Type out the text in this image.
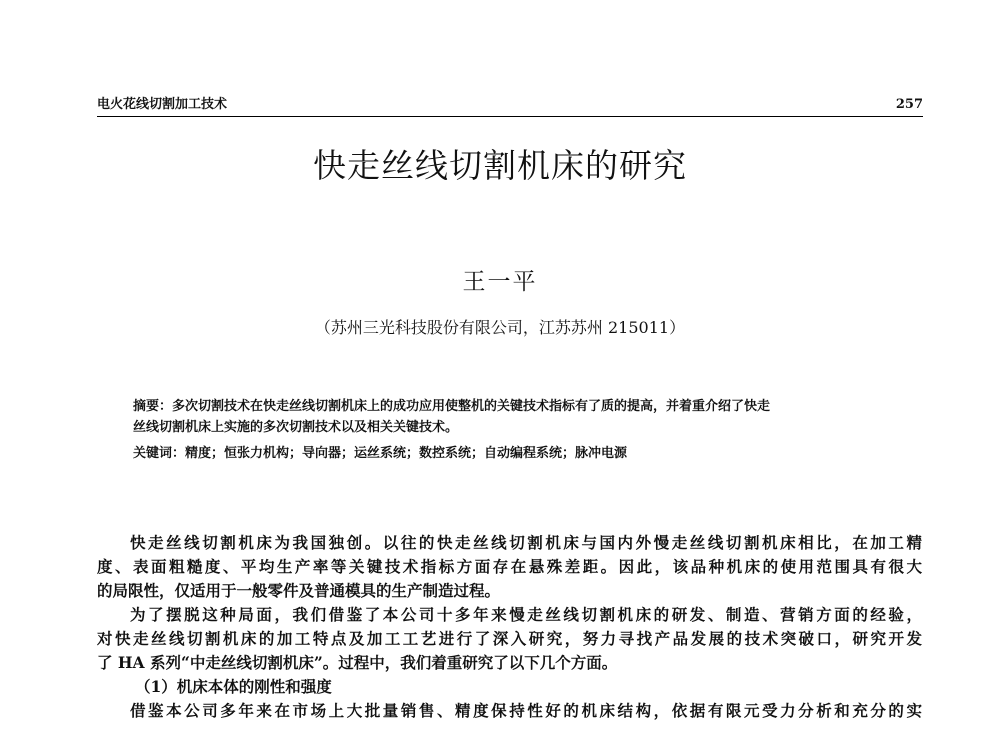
电火花线切割加工技术	257
快走丝线切割机床的研究
王一平
（苏州三光科技股份有限公司，江苏苏州 215011）
摘要：多次切割技术在快走丝线切割机床上的成功应用使整机的关键技术指标有了质的提高，并着重介绍了快走
丝线切割机床上实施的多次切割技术以及相关关键技术。
关键词：精度；恒张力机构；导向器；运丝系统；数控系统；自动编程系统；脉冲电源
快走丝线切割机床为我国独创。以往的快走丝线切割机床与国内外慢走丝线切割机床相比，在加工精
度、表面粗糙度、平均生产率等关键技术指标方面存在悬殊差距。因此，该品种机床的使用范围具有很大
的局限性，仅适用于一般零件及普通模具的生产制造过程。
为了摆脱这种局面，我们借鉴了本公司十多年来慢走丝线切割机床的研发、制造、营销方面的经验，
对快走丝线切割机床的加工特点及加工工艺进行了深入研究，努力寻找产品发展的技术突破口，研究开发
了 HA 系列“中走丝线切割机床”。过程中，我们着重研究了以下几个方面。
（1）机床本体的刚性和强度
借鉴本公司多年来在市场上大批量销售、精度保持性好的机床结构，依据有限元受力分析和充分的实
